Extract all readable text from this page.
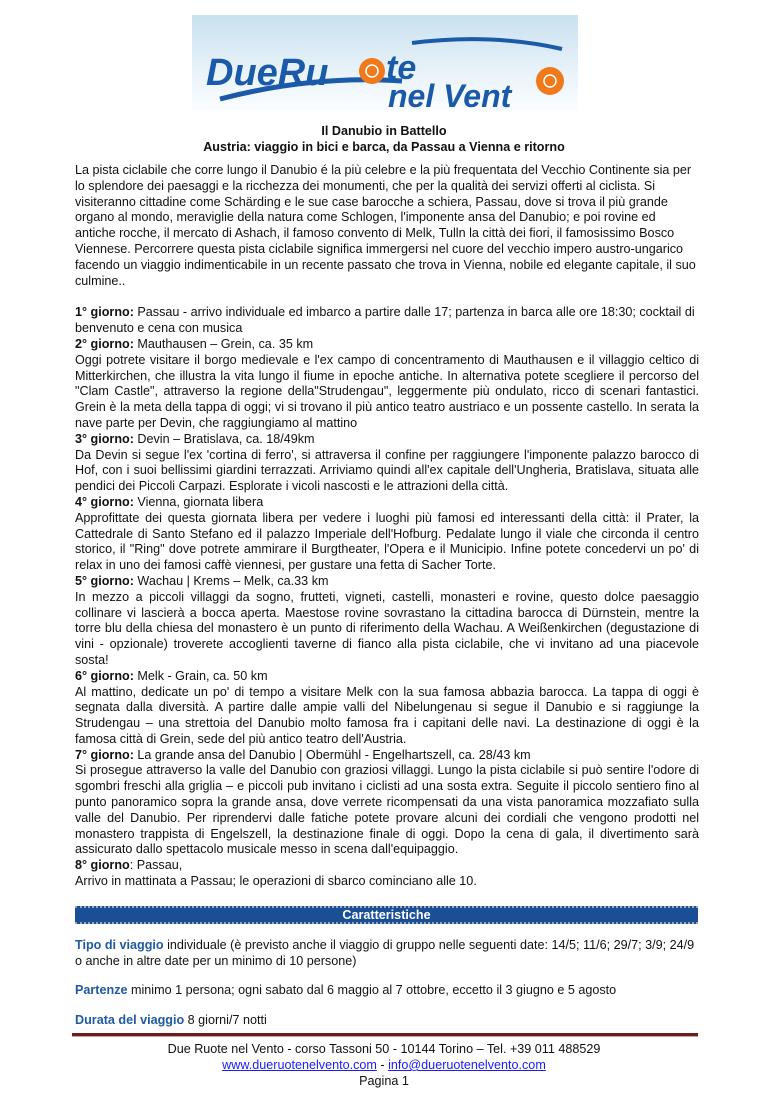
DueRu te
nel Vent
Il Danubio in Battello
Austria: viaggio in bici e barca, da Passau a Vienna e ritorno

La pista ciclabile che corre lungo il Danubio é la più celebre e la più frequentata del Vecchio Continente sia per lo splendore dei paesaggi e la ricchezza dei monumenti, che per la qualità dei servizi offerti al ciclista. Si visiteranno cittadine come Schärding e le sue case barocche a schiera, Passau, dove si trova il più grande organo al mondo, meraviglie della natura come Schlogen, l'imponente ansa del Danubio; e poi rovine ed antiche rocche, il mercato di Ashach, il famoso convento di Melk, Tulln la città dei fiori, il famosissimo Bosco Viennese. Percorrere questa pista ciclabile significa immergersi nel cuore del vecchio impero austro-ungarico facendo un viaggio indimenticabile in un recente passato che trova in Vienna, nobile ed elegante capitale, il suo culmine..

1° giorno: Passau - arrivo individuale ed imbarco a partire dalle 17; partenza in barca alle ore 18:30; cocktail di benvenuto e cena con musica

2° giorno: Mauthausen – Grein, ca. 35 km

Oggi potrete visitare il borgo medievale e l'ex campo di concentramento di Mauthausen e il villaggio celtico di Mitterkirchen, che illustra la vita lungo il fiume in epoche antiche. In alternativa potete scegliere il percorso del "Clam Castle", attraverso la regione della"Strudengau", leggermente più ondulato, ricco di scenari fantastici. Grein è la meta della tappa di oggi; vi si trovano il più antico teatro austriaco e un possente castello. In serata la nave parte per Devin, che raggiungiamo al mattino

3° giorno: Devin – Bratislava, ca. 18/49km

Da Devin si segue l'ex 'cortina di ferro', si attraversa il confine per raggiungere l'imponente palazzo barocco di Hof, con i suoi bellissimi giardini terrazzati. Arriviamo quindi all'ex capitale dell'Ungheria, Bratislava, situata alle pendici dei Piccoli Carpazi. Esplorate i vicoli nascosti e le attrazioni della città.

4° giorno: Vienna, giornata libera

Approfittate dei questa giornata libera per vedere i luoghi più famosi ed interessanti della città: il Prater, la Cattedrale di Santo Stefano ed il palazzo Imperiale dell'Hofburg. Pedalate lungo il viale che circonda il centro storico, il "Ring" dove potrete ammirare il Burgtheater, l'Opera e il Municipio. Infine potete concedervi un po' di relax in uno dei famosi caffè viennesi, per gustare una fetta di Sacher Torte.

5° giorno: Wachau | Krems – Melk, ca.33 km

In mezzo a piccoli villaggi da sogno, frutteti, vigneti, castelli, monasteri e rovine, questo dolce paesaggio collinare vi lascierà a bocca aperta. Maestose rovine sovrastano la cittadina barocca di Dürnstein, mentre la torre blu della chiesa del monastero è un punto di riferimento della Wachau. A Weißenkirchen (degustazione di vini - opzionale) troverete accoglienti taverne di fianco alla pista ciclabile, che vi invitano ad una piacevole sosta!

6° giorno: Melk - Grain, ca. 50 km

Al mattino, dedicate un po' di tempo a visitare Melk con la sua famosa abbazia barocca. La tappa di oggi è segnata dalla diversità. A partire dalle ampie valli del Nibelungenau si segue il Danubio e si raggiunge la Strudengau – una strettoia del Danubio molto famosa fra i capitani delle navi. La destinazione di oggi è la famosa città di Grein, sede del più antico teatro dell'Austria.

7° giorno: La grande ansa del Danubio | Obermühl - Engelhartszell, ca. 28/43 km

Si prosegue attraverso la valle del Danubio con graziosi villaggi. Lungo la pista ciclabile si può sentire l'odore di sgombri freschi alla griglia – e piccoli pub invitano i ciclisti ad una sosta extra. Seguite il piccolo sentiero fino al punto panoramico sopra la grande ansa, dove verrete ricompensati da una vista panoramica mozzafiato sulla valle del Danubio. Per riprendervi dalle fatiche potete provare alcuni dei cordiali che vengono prodotti nel monastero trappista di Engelszell, la destinazione finale di oggi. Dopo la cena di gala, il divertimento sarà assicurato dallo spettacolo musicale messo in scena dall'equipaggio.

8° giorno: Passau,

Arrivo in mattinata a Passau; le operazioni di sbarco cominciano alle 10.

Caratteristiche
Tipo di viaggio individuale (è previsto anche il viaggio di gruppo nelle seguenti date: 14/5; 11/6; 29/7; 3/9; 24/9 o anche in altre date per un minimo di 10 persone)
Partenze minimo 1 persona; ogni sabato dal 6 maggio al 7 ottobre, eccetto il 3 giugno e 5 agosto
Durata del viaggio 8 giorni/7 notti
Due Ruote nel Vento - corso Tassoni 50 - 10144 Torino – Tel. +39 011 488529
www.dueruotenelvento.com - info@dueruotenelvento.com
Pagina 1
